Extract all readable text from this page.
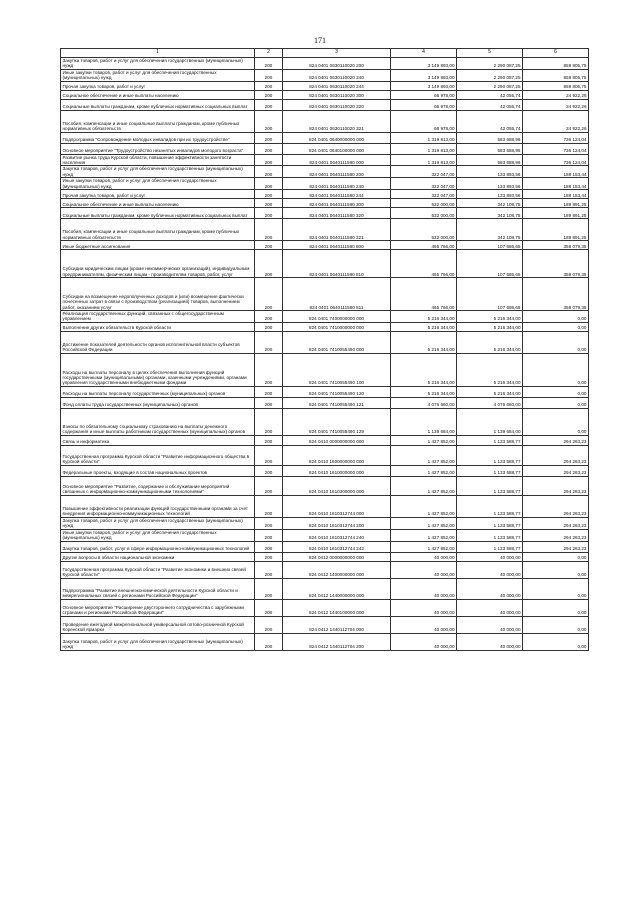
171
1	2	3	4	5	6
Закупка товаров, работ и услуг для обеспечения государственных (муниципальных) нужд	200	824 0401 0630110020 200	3 149 893,00	2 290 087,25	859 805,75
Иные закупки товаров, работ и услуг для обеспечения государственных (муниципальных) нужд	200	824 0401 0630110020 240	3 149 893,00	2 290 087,25	859 805,75
Прочая закупка товаров, работ и услуг	200	824 0401 0630110020 244	3 149 893,00	2 290 087,25	859 805,75
Социальное обеспечение и иные выплаты населению	200	824 0401 0630110020 300	66 978,00	42 055,74	24 922,26
Социальные выплаты гражданам, кроме публичных нормативных социальных выплат	200	824 0401 0630110020 320	66 978,00	42 055,74	24 922,26
Пособия, компенсации и иные социальные выплаты гражданам, кроме публичных нормативных обязательств	200	824 0401 0630110020 321	66 978,00	42 055,74	24 922,26
Подпрограмма "Сопровождение молодых инвалидов при их трудоустройстве"	200	824 0401 0640000000 000	1 319 813,00	583 688,96	736 124,04
Основное мероприятие "Трудоустройство незанятых инвалидов молодого возраста"	200	824 0401 0640100000 000	1 319 813,00	583 688,96	736 124,04
Развитие рынка труда Курской области, повышение эффективности занятости населения	200	824 0401 0640111580 000	1 319 813,00	583 688,96	736 124,04
Закупка товаров, работ и услуг для обеспечения государственных (муниципальных) нужд	200	824 0401 0640111580 200	322 047,00	133 893,56	188 153,44
Иные закупки товаров, работ и услуг для обеспечения государственных (муниципальных) нужд	200	824 0401 0640111580 240	322 047,00	133 893,56	188 153,44
Прочая закупка товаров, работ и услуг	200	824 0401 0640111580 244	322 047,00	133 893,56	188 153,44
Социальное обеспечение и иные выплаты населению	200	824 0401 0640111580 300	532 000,00	342 108,75	189 891,25
Социальные выплаты гражданам, кроме публичных нормативных социальных выплат	200	824 0401 0640111580 320	532 000,00	342 108,75	189 891,25
Пособия, компенсации и иные социальные выплаты гражданам, кроме публичных нормативных обязательств	200	824 0401 0640111580 321	532 000,00	342 108,75	189 891,25
Иные бюджетные ассигнования	200	824 0401 0640111580 800	465 766,00	107 686,65	358 079,35
Субсидии юридическим лицам (кроме некоммерческих организаций), индивидуальным предпринимателям, физическим лицам - производителям товаров, работ, услуг	200	824 0401 0640111580 810	465 766,00	107 686,65	358 079,35
Субсидии на возмещение недополученных доходов и (или) возмещение фактически понесенных затрат в связи с производством (реализацией) товаров, выполнением работ, оказанием услуг	200	824 0401 0640111580 811	465 766,00	107 686,65	358 079,35
Реализация государственных функций, связанных с общегосударственным управлением	200	824 0401 7400000000 000	5 216 344,00	5 216 344,00	0,00
Выполнение других обязательств Курской области	200	824 0401 7410000000 000	5 216 344,00	5 216 344,00	0,00
Достижение показателей деятельности органов исполнительной власти субъектов Российской Федерации	200	824 0401 7410055490 000	5 216 344,00	5 216 344,00	0,00
Расходы на выплаты персоналу в целях обеспечения выполнения функций государственными (муниципальными) органами, казенными учреждениями, органами управления государственными внебюджетными фондами	200	824 0401 7410055490 100	5 216 344,00	5 216 344,00	0,00
Расходы на выплаты персоналу государственных (муниципальных) органов	200	824 0401 7410055490 120	5 216 344,00	5 216 344,00	0,00
Фонд оплаты труда государственных (муниципальных) органов	200	824 0401 7410055490 121	4 076 660,00	4 076 660,00	0,00
Взносы по обязательному социальному страхованию на выплаты денежного содержания и иные выплаты работникам государственных (муниципальных) органов	200	824 0401 7410055490 129	1 139 684,00	1 139 684,00	0,00
Связь и информатика	200	824 0410 0000000000 000	1 427 852,00	1 133 588,77	294 263,23
Государственная программа Курской области "Развитие информационного общества в Курской области"	200	824 0410 1600000000 000	1 427 852,00	1 133 588,77	294 263,23
Федеральные проекты, входящие в состав национальных проектов	200	824 0410 1610000000 000	1 427 852,00	1 133 588,77	294 263,23
Основное мероприятие "Развитие, содержание и обслуживание мероприятий связанных с информационно-коммуникационными технологиями"	200	824 0410 1610300000 000	1 427 852,00	1 133 588,77	294 263,23
Повышение эффективности реализации функций государственными органами за счет внедрения информационно-коммуникационных технологий	200	824 0410 1610312744 000	1 427 852,00	1 133 588,77	294 263,23
Закупка товаров, работ и услуг для обеспечения государственных (муниципальных) нужд	200	824 0410 1610312744 200	1 427 852,00	1 133 588,77	294 263,23
Иные закупки товаров, работ и услуг для обеспечения государственных (муниципальных) нужд	200	824 0410 1610312744 240	1 427 852,00	1 133 588,77	294 263,23
Закупка товаров, работ, услуг в сфере информационно-коммуникационных технологий	200	824 0410 1610312744 242	1 427 852,00	1 133 588,77	294 263,23
Другие вопросы в области национальной экономики	200	824 0412 0000000000 000	40 000,00	40 000,00	0,00
Государственная программа Курской области "Развитие экономики и внешних связей Курской области"	200	824 0412 1400000000 000	40 000,00	40 000,00	0,00
Подпрограмма "Развитие внешнеэкономической деятельности Курской области и межрегиональных связей с регионами Российской Федерации"	200	824 0412 1440000000 000	40 000,00	40 000,00	0,00
Основное мероприятие "Расширение двустороннего сотрудничества с зарубежными странами и регионами Российской Федерации"	200	824 0412 1440100000 000	40 000,00	40 000,00	0,00
Проведение ежегодной межрегиональной универсальной оптово-розничной Курской Коренской ярмарки	200	824 0412 1440112704 000	40 000,00	40 000,00	0,00
Закупка товаров, работ и услуг для обеспечения государственных (муниципальных) нужд	200	824 0412 1440112704 200	40 000,00	40 000,00	0,00
